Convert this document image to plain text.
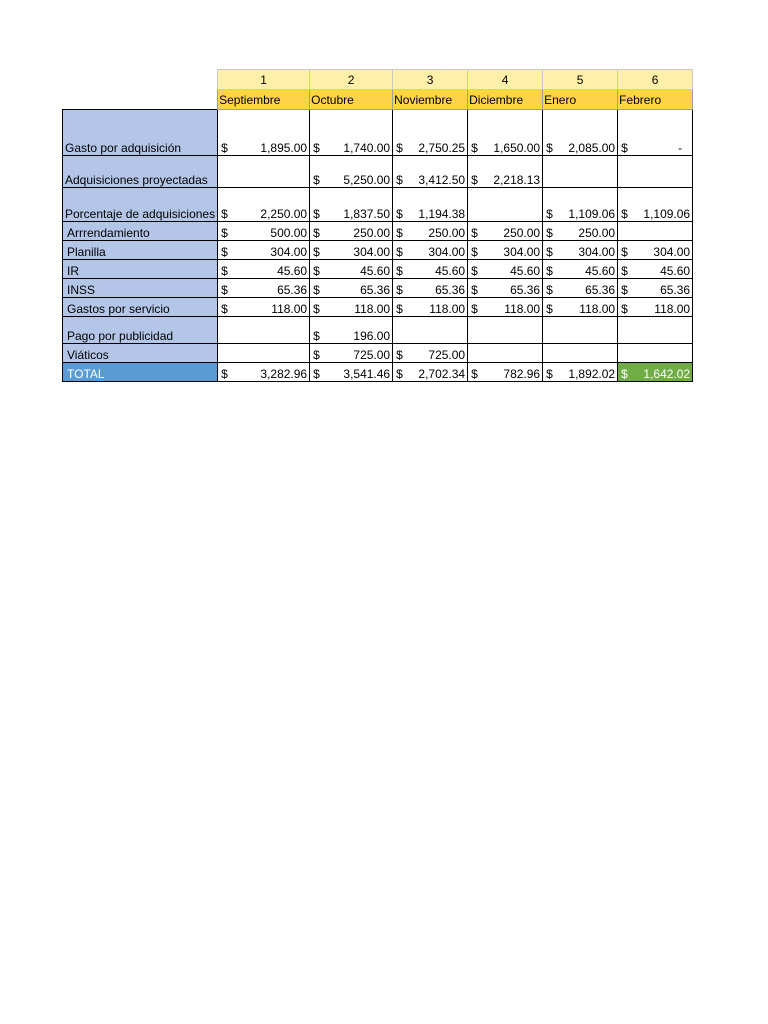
	1	2	3	4	5	6
	Septiembre	Octubre	Noviembre	Diciembre	Enero	Febrero
Gasto por adquisición	$ 1,895.00	$ 1,740.00	$ 2,750.25	$ 1,650.00	$ 2,085.00	$ -

Adquisiciones proyectadas		$ 5,250.00	$ 3,412.50	$ 2,218.13		

Porcentaje de adquisiciones	$ 2,250.00	$ 1,837.50	$ 1,194.38		$ 1,109.06	$ 1,109.06

Arrrendamiento	$ 500.00	$ 250.00	$ 250.00	$ 250.00	$ 250.00	

Planilla	$ 304.00	$ 304.00	$ 304.00	$ 304.00	$ 304.00	$ 304.00

IR	$ 45.60	$ 45.60	$ 45.60	$ 45.60	$ 45.60	$ 45.60

INSS	$ 65.36	$ 65.36	$ 65.36	$ 65.36	$ 65.36	$ 65.36

Gastos por servicio	$ 118.00	$ 118.00	$ 118.00	$ 118.00	$ 118.00	$ 118.00

Pago por publicidad		$ 196.00				

Viáticos		$ 725.00	$ 725.00			

TOTAL	$ 3,282.96	$ 3,541.46	$ 2,702.34	$ 782.96	$ 1,892.02	$ 1,642.02
